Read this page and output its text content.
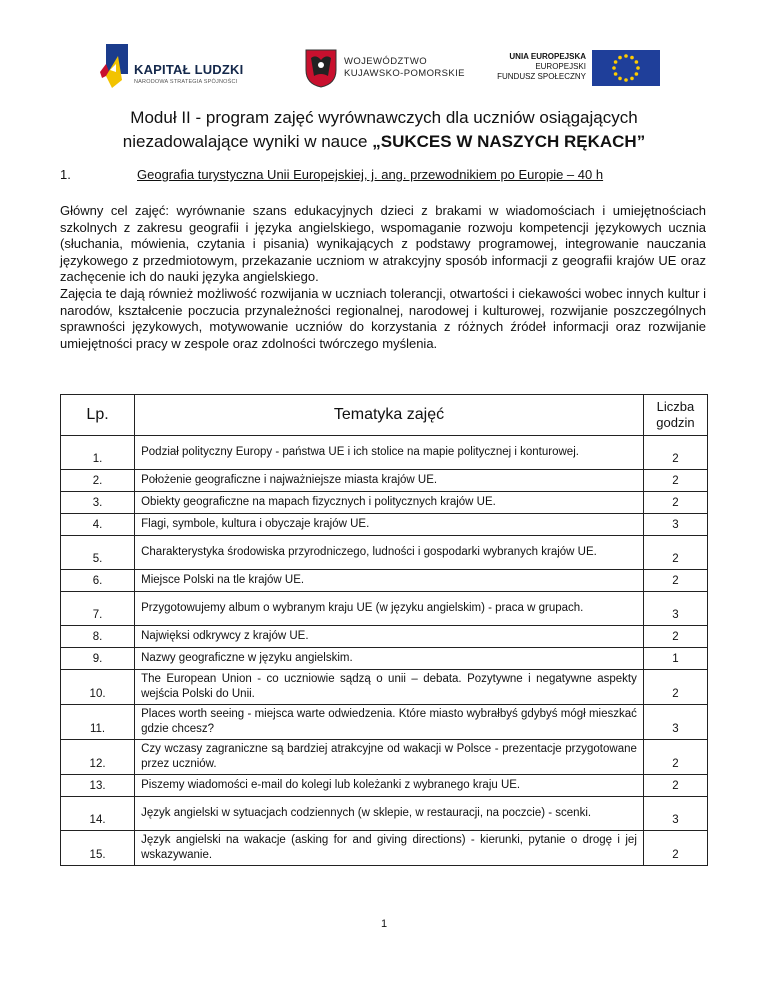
KAPITAŁ LUDZKI
NARODOWA STRATEGIA SPÓJNOŚCI
WOJEWÓDZTWO
KUJAWSKO-POMORSKIE
UNIA EUROPEJSKA
EUROPEJSKI
FUNDUSZ SPOŁECZNY
Moduł II - program zajęć wyrównawczych dla uczniów osiągających
niezadowalające wyniki w nauce „SUKCES W NASZYCH RĘKACH”
1.	Geografia turystyczna Unii Europejskiej, j. ang. przewodnikiem po Europie – 40 h
Główny cel zajęć: wyrównanie szans edukacyjnych dzieci z brakami w wiadomościach i umiejętnościach szkolnych z zakresu geografii i języka angielskiego, wspomaganie rozwoju kompetencji językowych ucznia (słuchania, mówienia, czytania i pisania) wynikających z podstawy programowej, integrowanie nauczania językowego z przedmiotowym, przekazanie uczniom w atrakcyjny sposób informacji z geografii krajów UE oraz zachęcenie ich do nauki języka angielskiego.
Zajęcia te dają również możliwość rozwijania w uczniach tolerancji, otwartości i ciekawości wobec innych kultur i narodów, kształcenie poczucia przynależności regionalnej, narodowej i kulturowej, rozwijanie poszczególnych sprawności językowych, motywowanie uczniów do korzystania z różnych źródeł informacji oraz rozwijanie umiejętności pracy w zespole oraz zdolności twórczego myślenia.
Lp.	Tematyka zajęć	Liczba godzin
1.	Podział polityczny Europy - państwa UE i ich stolice na mapie politycznej i konturowej.	2
2.	Położenie geograficzne i najważniejsze miasta krajów UE.	2
3.	Obiekty geograficzne na mapach fizycznych i politycznych krajów UE.	2
4.	Flagi, symbole, kultura i obyczaje krajów UE.	3
5.	Charakterystyka środowiska przyrodniczego, ludności i gospodarki wybranych krajów UE.	2
6.	Miejsce Polski na tle krajów UE.	2
7.	Przygotowujemy album o wybranym kraju UE (w języku angielskim) - praca w grupach.	3
8.	Najwięksi odkrywcy z krajów UE.	2
9.	Nazwy geograficzne w języku angielskim.	1
10.	The European Union - co uczniowie sądzą o unii – debata. Pozytywne i negatywne aspekty wejścia Polski do Unii.	2
11.	Places worth seeing - miejsca warte odwiedzenia. Które miasto wybrałbyś gdybyś mógł mieszkać gdzie chcesz?	3
12.	Czy wczasy zagraniczne są bardziej atrakcyjne od wakacji w Polsce - prezentacje przygotowane przez uczniów.	2
13.	Piszemy wiadomości e-mail do kolegi lub koleżanki z wybranego kraju UE.	2
14.	Język angielski w sytuacjach codziennych (w sklepie, w restauracji, na poczcie) - scenki.	3
15.	Język angielski na wakacje (asking for and giving directions) - kierunki, pytanie o drogę i jej wskazywanie.	2
1
